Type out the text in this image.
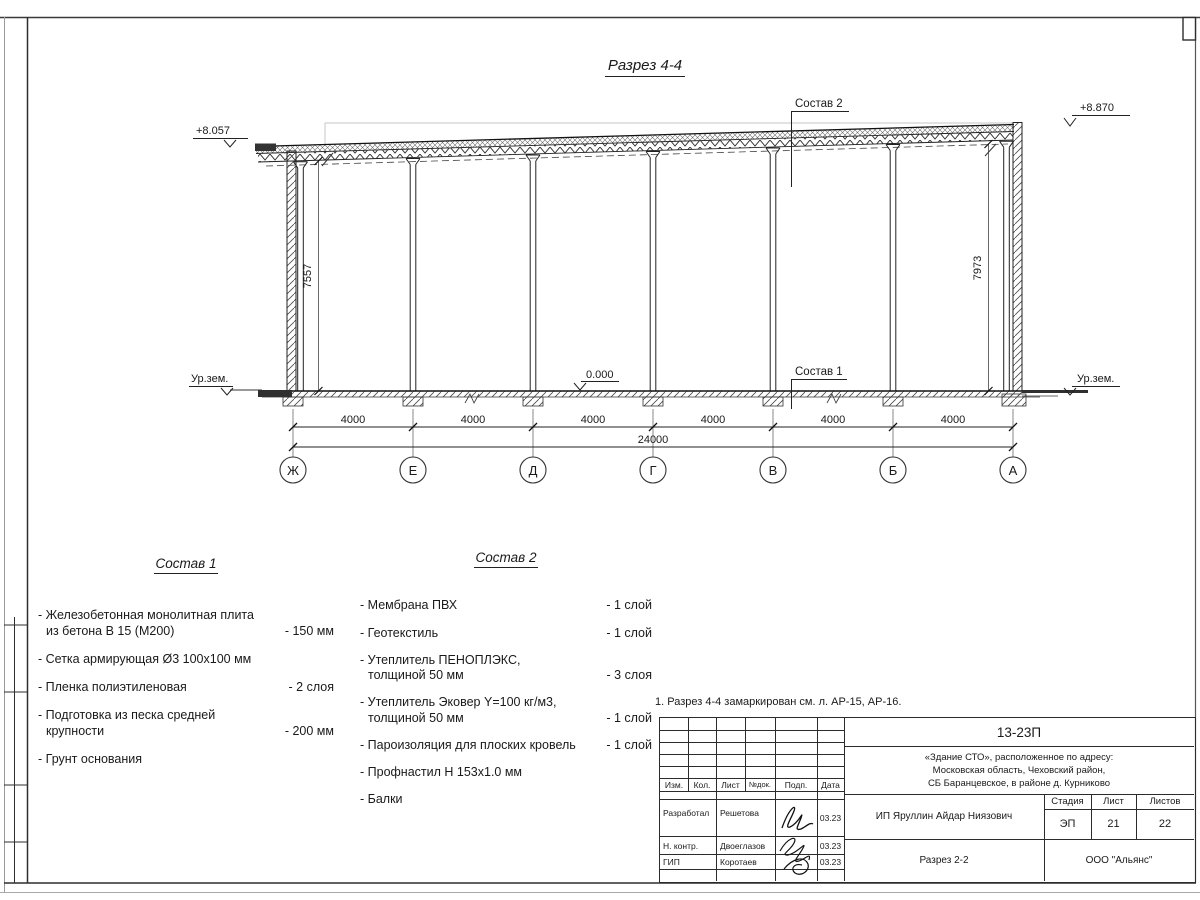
4000	4000	4000	4000	4000	4000
24000
7557	7973
+8.057
+8.870
0.000
Ур.зем.	Ур.зем.
Состав 2
Состав 1
Ж	Е	Д	Г	В	Б	А
Разрез 4-4
Состав 1
- Железобетонная монолитная плита
из бетона В 15 (М200)	- 150 мм
- Сетка армирующая Ø3 100х100 мм
- Пленка полиэтиленовая	- 2 слоя
- Подготовка из песка средней
крупности	- 200 мм
- Грунт основания
Состав 2
- Мембрана ПВХ	- 1 слой
- Геотекстиль	- 1 слой
- Утеплитель ПЕНОПЛЭКС,
толщиной 50 мм	- 3 слоя
- Утеплитель Эковер Y=100 кг/м3,
толщиной 50 мм	- 1 слой
- Пароизоляция для плоских кровель	- 1 слой
- Профнастил Н 153х1.0 мм
- Балки
1. Разрез 4-4 замаркирован см. л. АР-15, АР-16.
Изм.	Кол.	Лист	№док.	Подп.	Дата
Разработал	Решетова	03.23
Н. контр.	Двоеглазов	03.23
ГИП	Коротаев	03.23
13-23П
«Здание СТО», расположенное по адресу:
Московская область, Чеховский район,
СБ Баранцевское, в районе д. Курниково
ИП Яруллин Айдар Ниязович
Стадия	Лист	Листов
ЭП	21	22
Разрез 2-2	ООО "Альянс"
